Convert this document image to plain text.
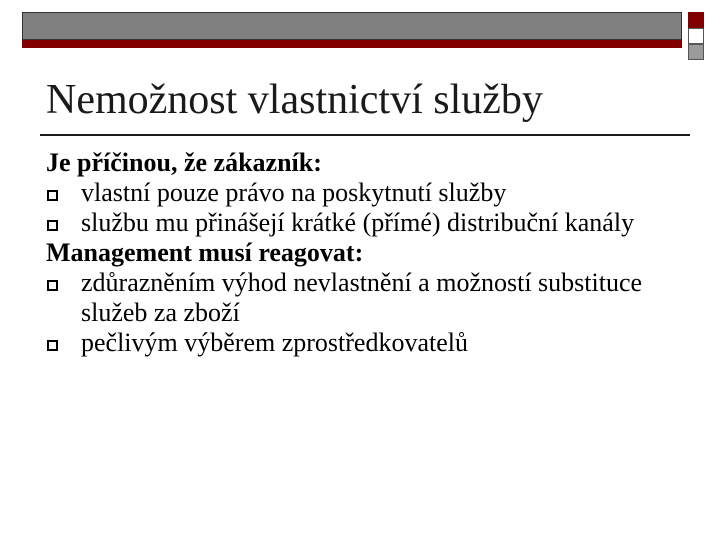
Nemožnost vlastnictví služby
Je příčinou, že zákazník:
vlastní pouze právo na poskytnutí služby
službu mu přinášejí krátké (přímé) distribuční kanály
Management musí reagovat:
zdůrazněním výhod nevlastnění a možností substituce služeb za zboží
pečlivým výběrem zprostředkovatelů
